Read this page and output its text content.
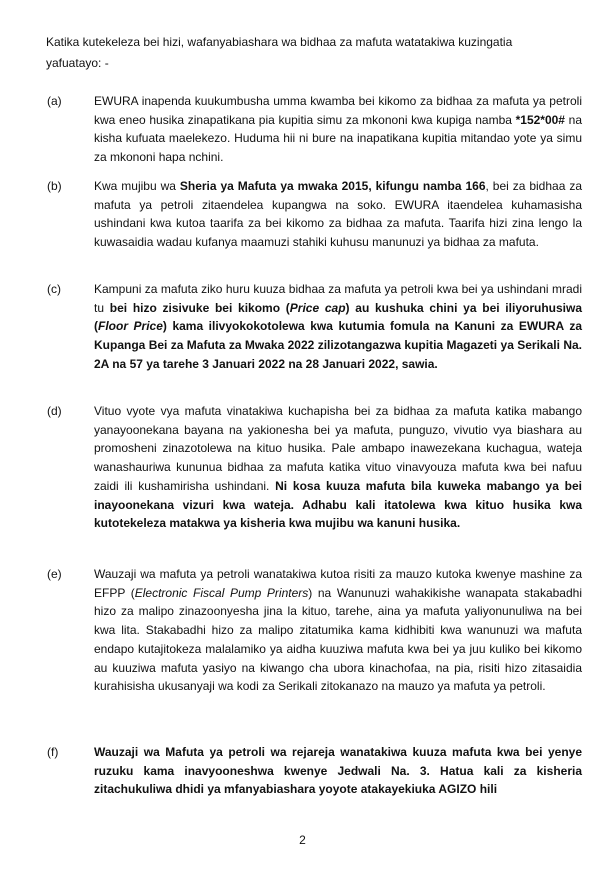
Katika kutekeleza bei hizi, wafanyabiashara wa bidhaa za mafuta watatakiwa kuzingatia yafuatayo: -

(a)	EWURA inapenda kuukumbusha umma kwamba bei kikomo za bidhaa za mafuta ya petroli kwa eneo husika zinapatikana pia kupitia simu za mkononi kwa kupiga namba *152*00# na kisha kufuata maelekezo. Huduma hii ni bure na inapatikana kupitia mitandao yote ya simu za mkononi hapa nchini.

(b)	Kwa mujibu wa Sheria ya Mafuta ya mwaka 2015, kifungu namba 166, bei za bidhaa za mafuta ya petroli zitaendelea kupangwa na soko. EWURA itaendelea kuhamasisha ushindani kwa kutoa taarifa za bei kikomo za bidhaa za mafuta. Taarifa hizi zina lengo la kuwasaidia wadau kufanya maamuzi stahiki kuhusu manunuzi ya bidhaa za mafuta.

(c)	Kampuni za mafuta ziko huru kuuza bidhaa za mafuta ya petroli kwa bei ya ushindani mradi tu bei hizo zisivuke bei kikomo (Price cap) au kushuka chini ya bei iliyoruhusiwa (Floor Price) kama ilivyokokotolewa kwa kutumia fomula na Kanuni za EWURA za Kupanga Bei za Mafuta za Mwaka 2022 zilizotangazwa kupitia Magazeti ya Serikali Na. 2A na 57 ya tarehe 3 Januari 2022 na 28 Januari 2022, sawia.

(d)	Vituo vyote vya mafuta vinatakiwa kuchapisha bei za bidhaa za mafuta katika mabango yanayoonekana bayana na yakionesha bei ya mafuta, punguzo, vivutio vya biashara au promosheni zinazotolewa na kituo husika. Pale ambapo inawezekana kuchagua, wateja wanashauriwa kununua bidhaa za mafuta katika vituo vinavyouza mafuta kwa bei nafuu zaidi ili kushamirisha ushindani. Ni kosa kuuza mafuta bila kuweka mabango ya bei inayoonekana vizuri kwa wateja. Adhabu kali itatolewa kwa kituo husika kwa kutotekeleza matakwa ya kisheria kwa mujibu wa kanuni husika.

(e)	Wauzaji wa mafuta ya petroli wanatakiwa kutoa risiti za mauzo kutoka kwenye mashine za EFPP (Electronic Fiscal Pump Printers) na Wanunuzi wahakikishe wanapata stakabadhi hizo za malipo zinazoonyesha jina la kituo, tarehe, aina ya mafuta yaliyonunuliwa na bei kwa lita. Stakabadhi hizo za malipo zitatumika kama kidhibiti kwa wanunuzi wa mafuta endapo kutajitokeza malalamiko ya aidha kuuziwa mafuta kwa bei ya juu kuliko bei kikomo au kuuziwa mafuta yasiyo na kiwango cha ubora kinachofaa, na pia, risiti hizo zitasaidia kurahisisha ukusanyaji wa kodi za Serikali zitokanazo na mauzo ya mafuta ya petroli.

(f)	Wauzaji wa Mafuta ya petroli wa rejareja wanatakiwa kuuza mafuta kwa bei yenye ruzuku kama inavyooneshwa kwenye Jedwali Na. 3. Hatua kali za kisheria zitachukuliwa dhidi ya mfanyabiashara yoyote atakayekiuka AGIZO hili

2
